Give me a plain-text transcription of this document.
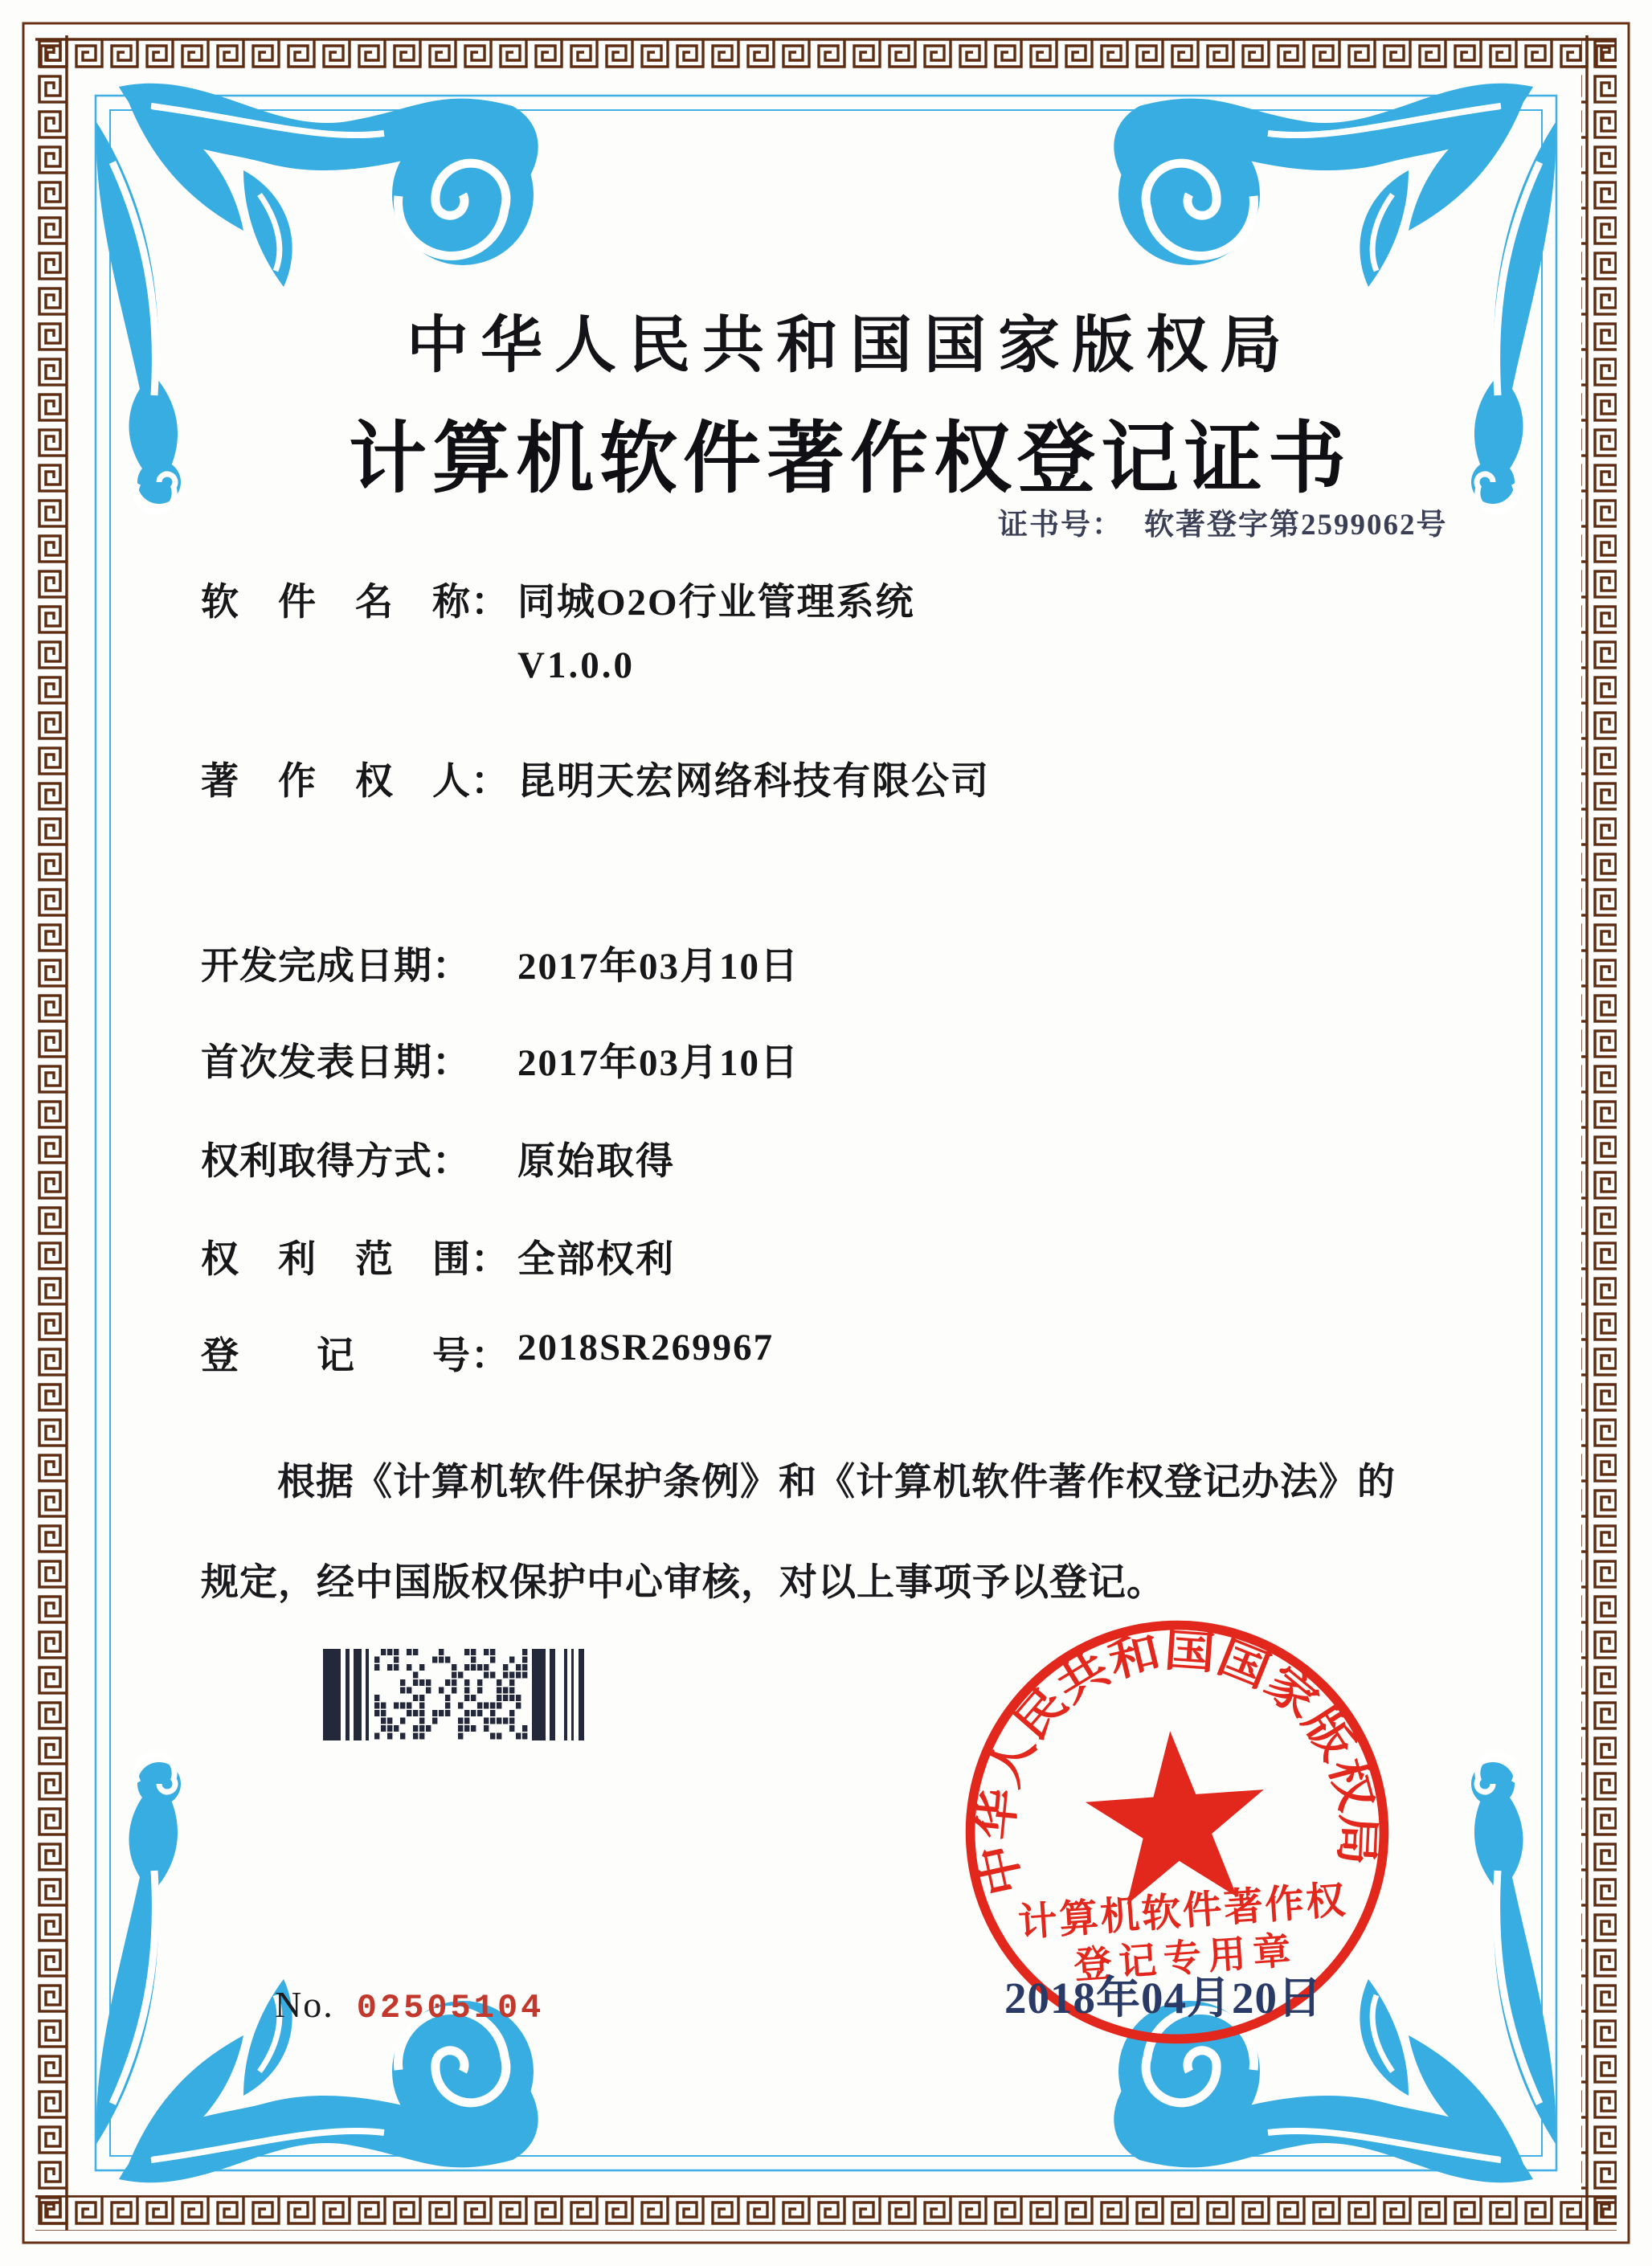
中华人民共和国国家版权局
计算机软件著作权登记证书
证书号： 软著登字第2599062号
软　件　名　称： 同城O2O行业管理系统
V1.0.0
著　作　权　人： 昆明天宏网络科技有限公司
开发完成日期：	2017年03月10日
首次发表日期：	2017年03月10日
权利取得方式：	原始取得
权　利　范　围： 全部权利
登　　记　　号： 2018SR269967
根据《计算机软件保护条例》和《计算机软件著作权登记办法》的
规定，经中国版权保护中心审核，对以上事项予以登记。
中华人民共和国国家版权局
计算机软件著作权
登记专用章
2018年04月20日
No. 02505104
